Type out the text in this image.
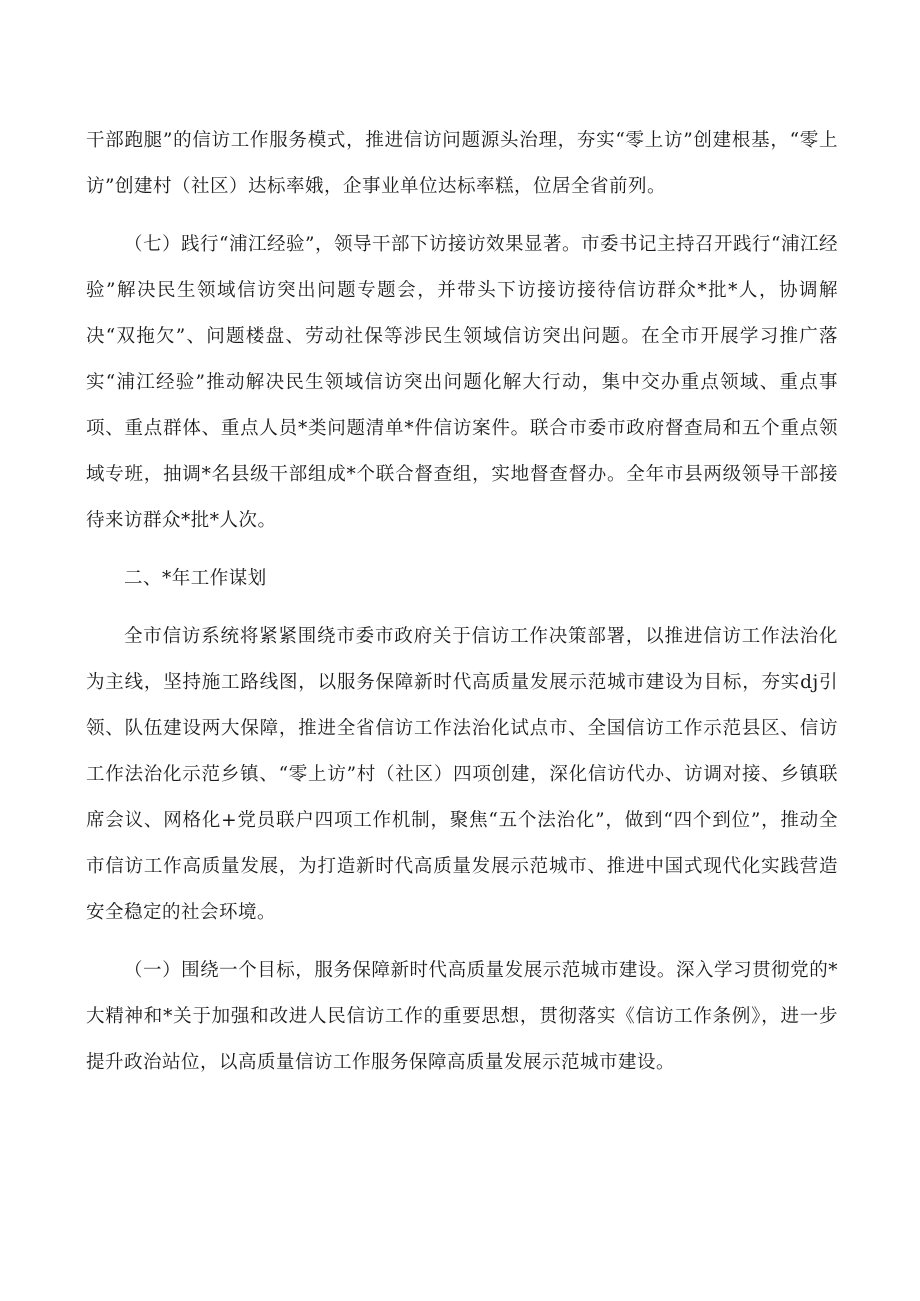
干部跑腿”的信访工作服务模式，推进信访问题源头治理，夯实“零上访”创建根基，“零上访”创建村（社区）达标率娥，企事业单位达标率糕，位居全省前列。

（七）践行“浦江经验”，领导干部下访接访效果显著。市委书记主持召开践行“浦江经验”解决民生领域信访突出问题专题会，并带头下访接访接待信访群众*批*人，协调解决“双拖欠”、问题楼盘、劳动社保等涉民生领域信访突出问题。在全市开展学习推广落实“浦江经验”推动解决民生领域信访突出问题化解大行动，集中交办重点领域、重点事项、重点群体、重点人员*类问题清单*件信访案件。联合市委市政府督查局和五个重点领域专班，抽调*名县级干部组成*个联合督查组，实地督查督办。全年市县两级领导干部接待来访群众*批*人次。

二、*年工作谋划

全市信访系统将紧紧围绕市委市政府关于信访工作决策部署，以推进信访工作法治化为主线，坚持施工路线图，以服务保障新时代高质量发展示范城市建设为目标，夯实dj引领、队伍建设两大保障，推进全省信访工作法治化试点市、全国信访工作示范县区、信访工作法治化示范乡镇、“零上访”村（社区）四项创建，深化信访代办、访调对接、乡镇联席会议、网格化+党员联户四项工作机制，聚焦“五个法治化”，做到“四个到位”，推动全市信访工作高质量发展，为打造新时代高质量发展示范城市、推进中国式现代化实践营造安全稳定的社会环境。

（一）围绕一个目标，服务保障新时代高质量发展示范城市建设。深入学习贯彻党的*大精神和*关于加强和改进人民信访工作的重要思想，贯彻落实《信访工作条例》，进一步提升政治站位，以高质量信访工作服务保障高质量发展示范城市建设。
